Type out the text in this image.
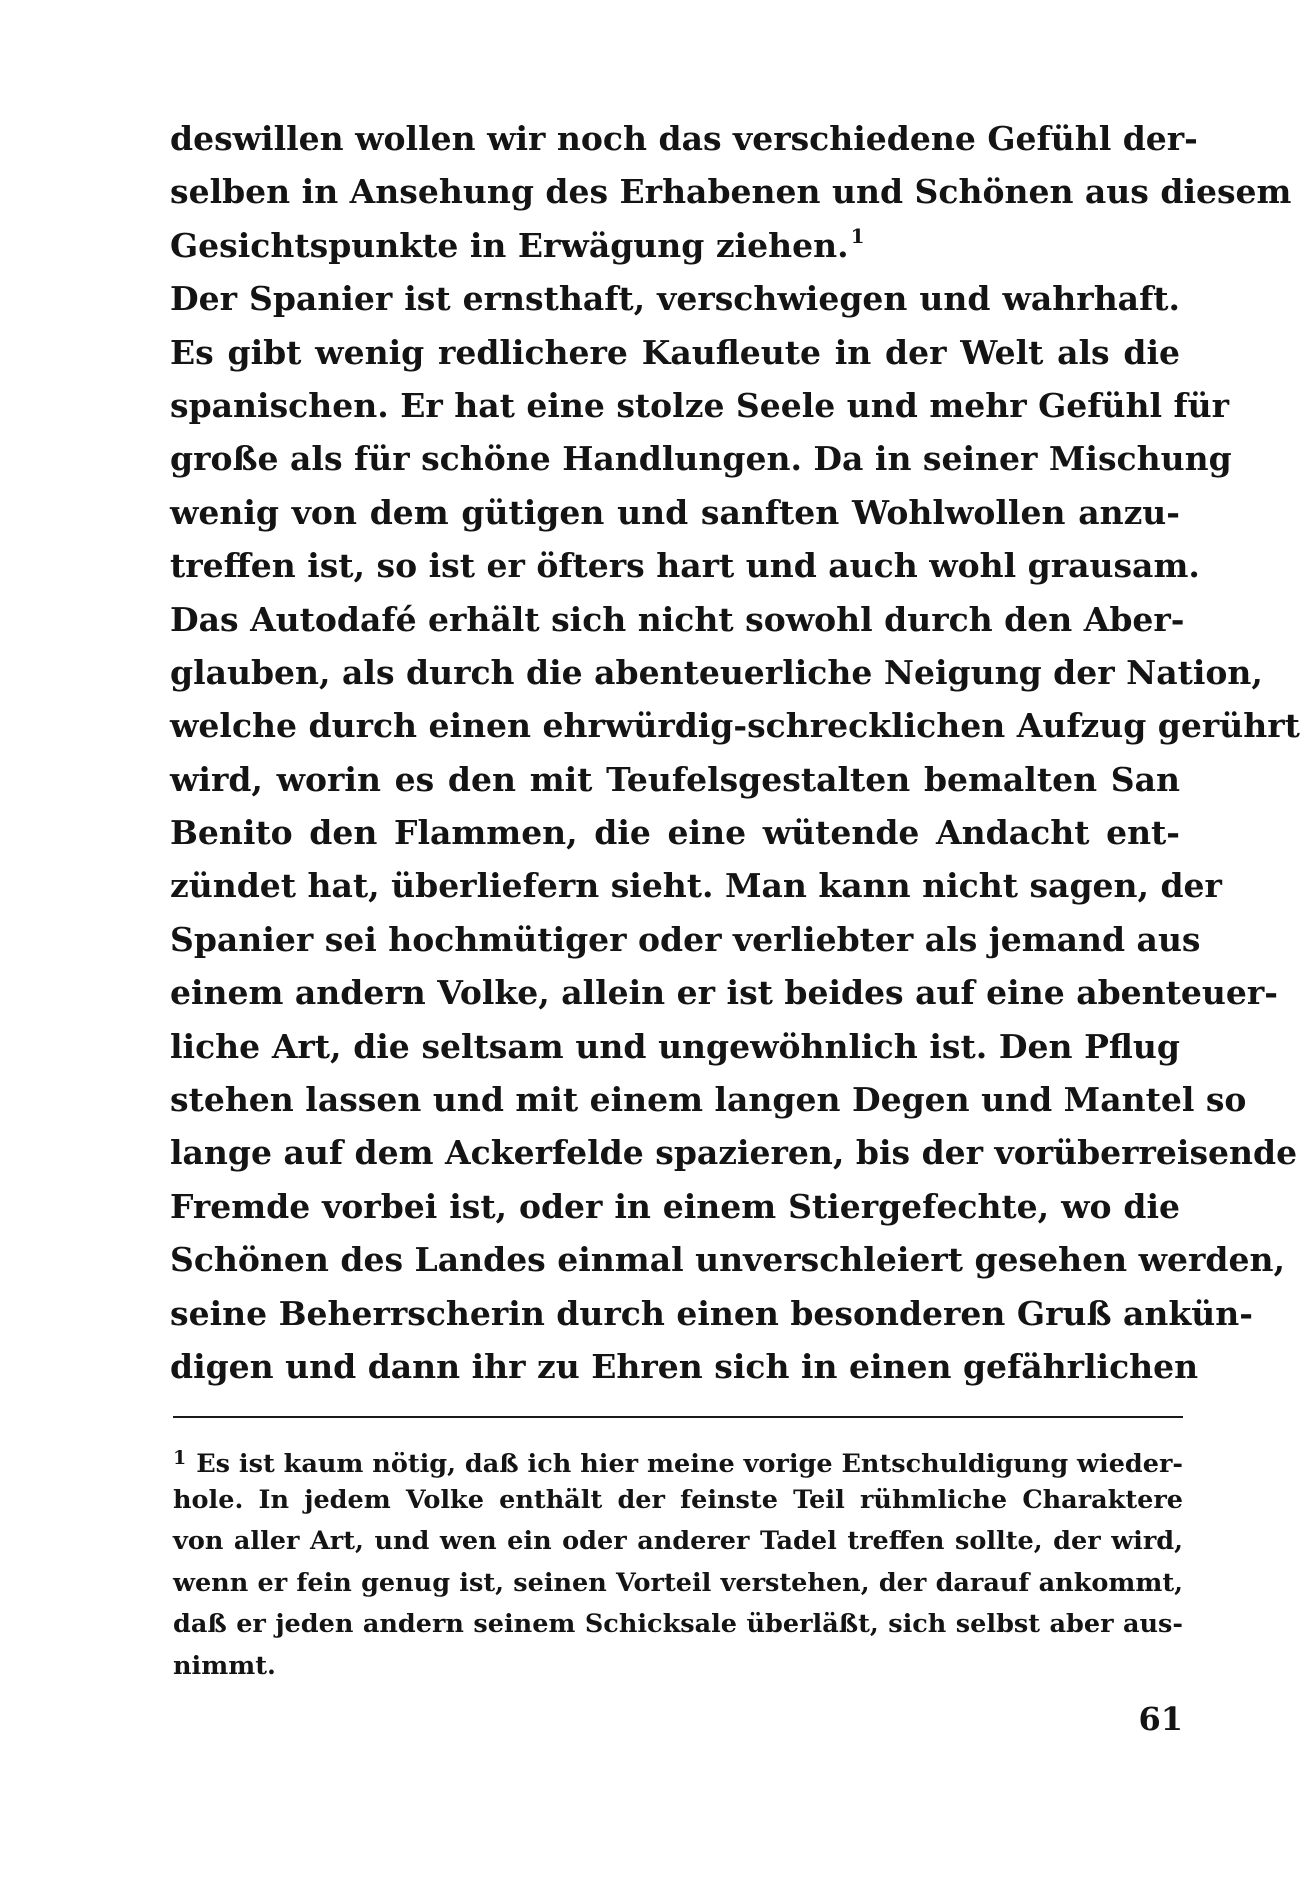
deswillen wollen wir noch das verschiedene Gefühl der-
selben in Ansehung des Erhabenen und Schönen aus diesem
Gesichtspunkte in Erwägung ziehen. $^1$
Der Spanier ist ernsthaft, verschwiegen und wahrhaft.
Es gibt wenig redlichere Kaufleute in der Welt als die
spanischen. Er hat eine stolze Seele und mehr Gefühl für
große als für schöne Handlungen. Da in seiner Mischung
wenig von dem gütigen und sanften Wohlwollen anzu-
treffen ist, so ist er öfters hart und auch wohl grausam.
Das Autodafé erhält sich nicht sowohl durch den Aber-
glauben, als durch die abenteuerliche Neigung der Nation,
welche durch einen ehrwürdig-schrecklichen Aufzug gerührt
wird, worin es den mit Teufelsgestalten bemalten San
Benito den Flammen, die eine wütende Andacht ent-
zündet hat, überliefern sieht. Man kann nicht sagen, der
Spanier sei hochmütiger oder verliebter als jemand aus
einem andern Volke, allein er ist beides auf eine abenteuer-
liche Art, die seltsam und ungewöhnlich ist. Den Pflug
stehen lassen und mit einem langen Degen und Mantel so
lange auf dem Ackerfelde spazieren, bis der vorüberreisende
Fremde vorbei ist, oder in einem Stiergefechte, wo die
Schönen des Landes einmal unverschleiert gesehen werden,
seine Beherrscherin durch einen besonderen Gruß ankün-
digen und dann ihr zu Ehren sich in einen gefährlichen
$^1$ Es ist kaum nötig, daß ich hier meine vorige Entschuldigung wieder-
hole. In jedem Volke enthält der feinste Teil rühmliche Charaktere
von aller Art, und wen ein oder anderer Tadel treffen sollte, der wird,
wenn er fein genug ist, seinen Vorteil verstehen, der darauf ankommt,
daß er jeden andern seinem Schicksale überläßt, sich selbst aber aus-
nimmt.
61
